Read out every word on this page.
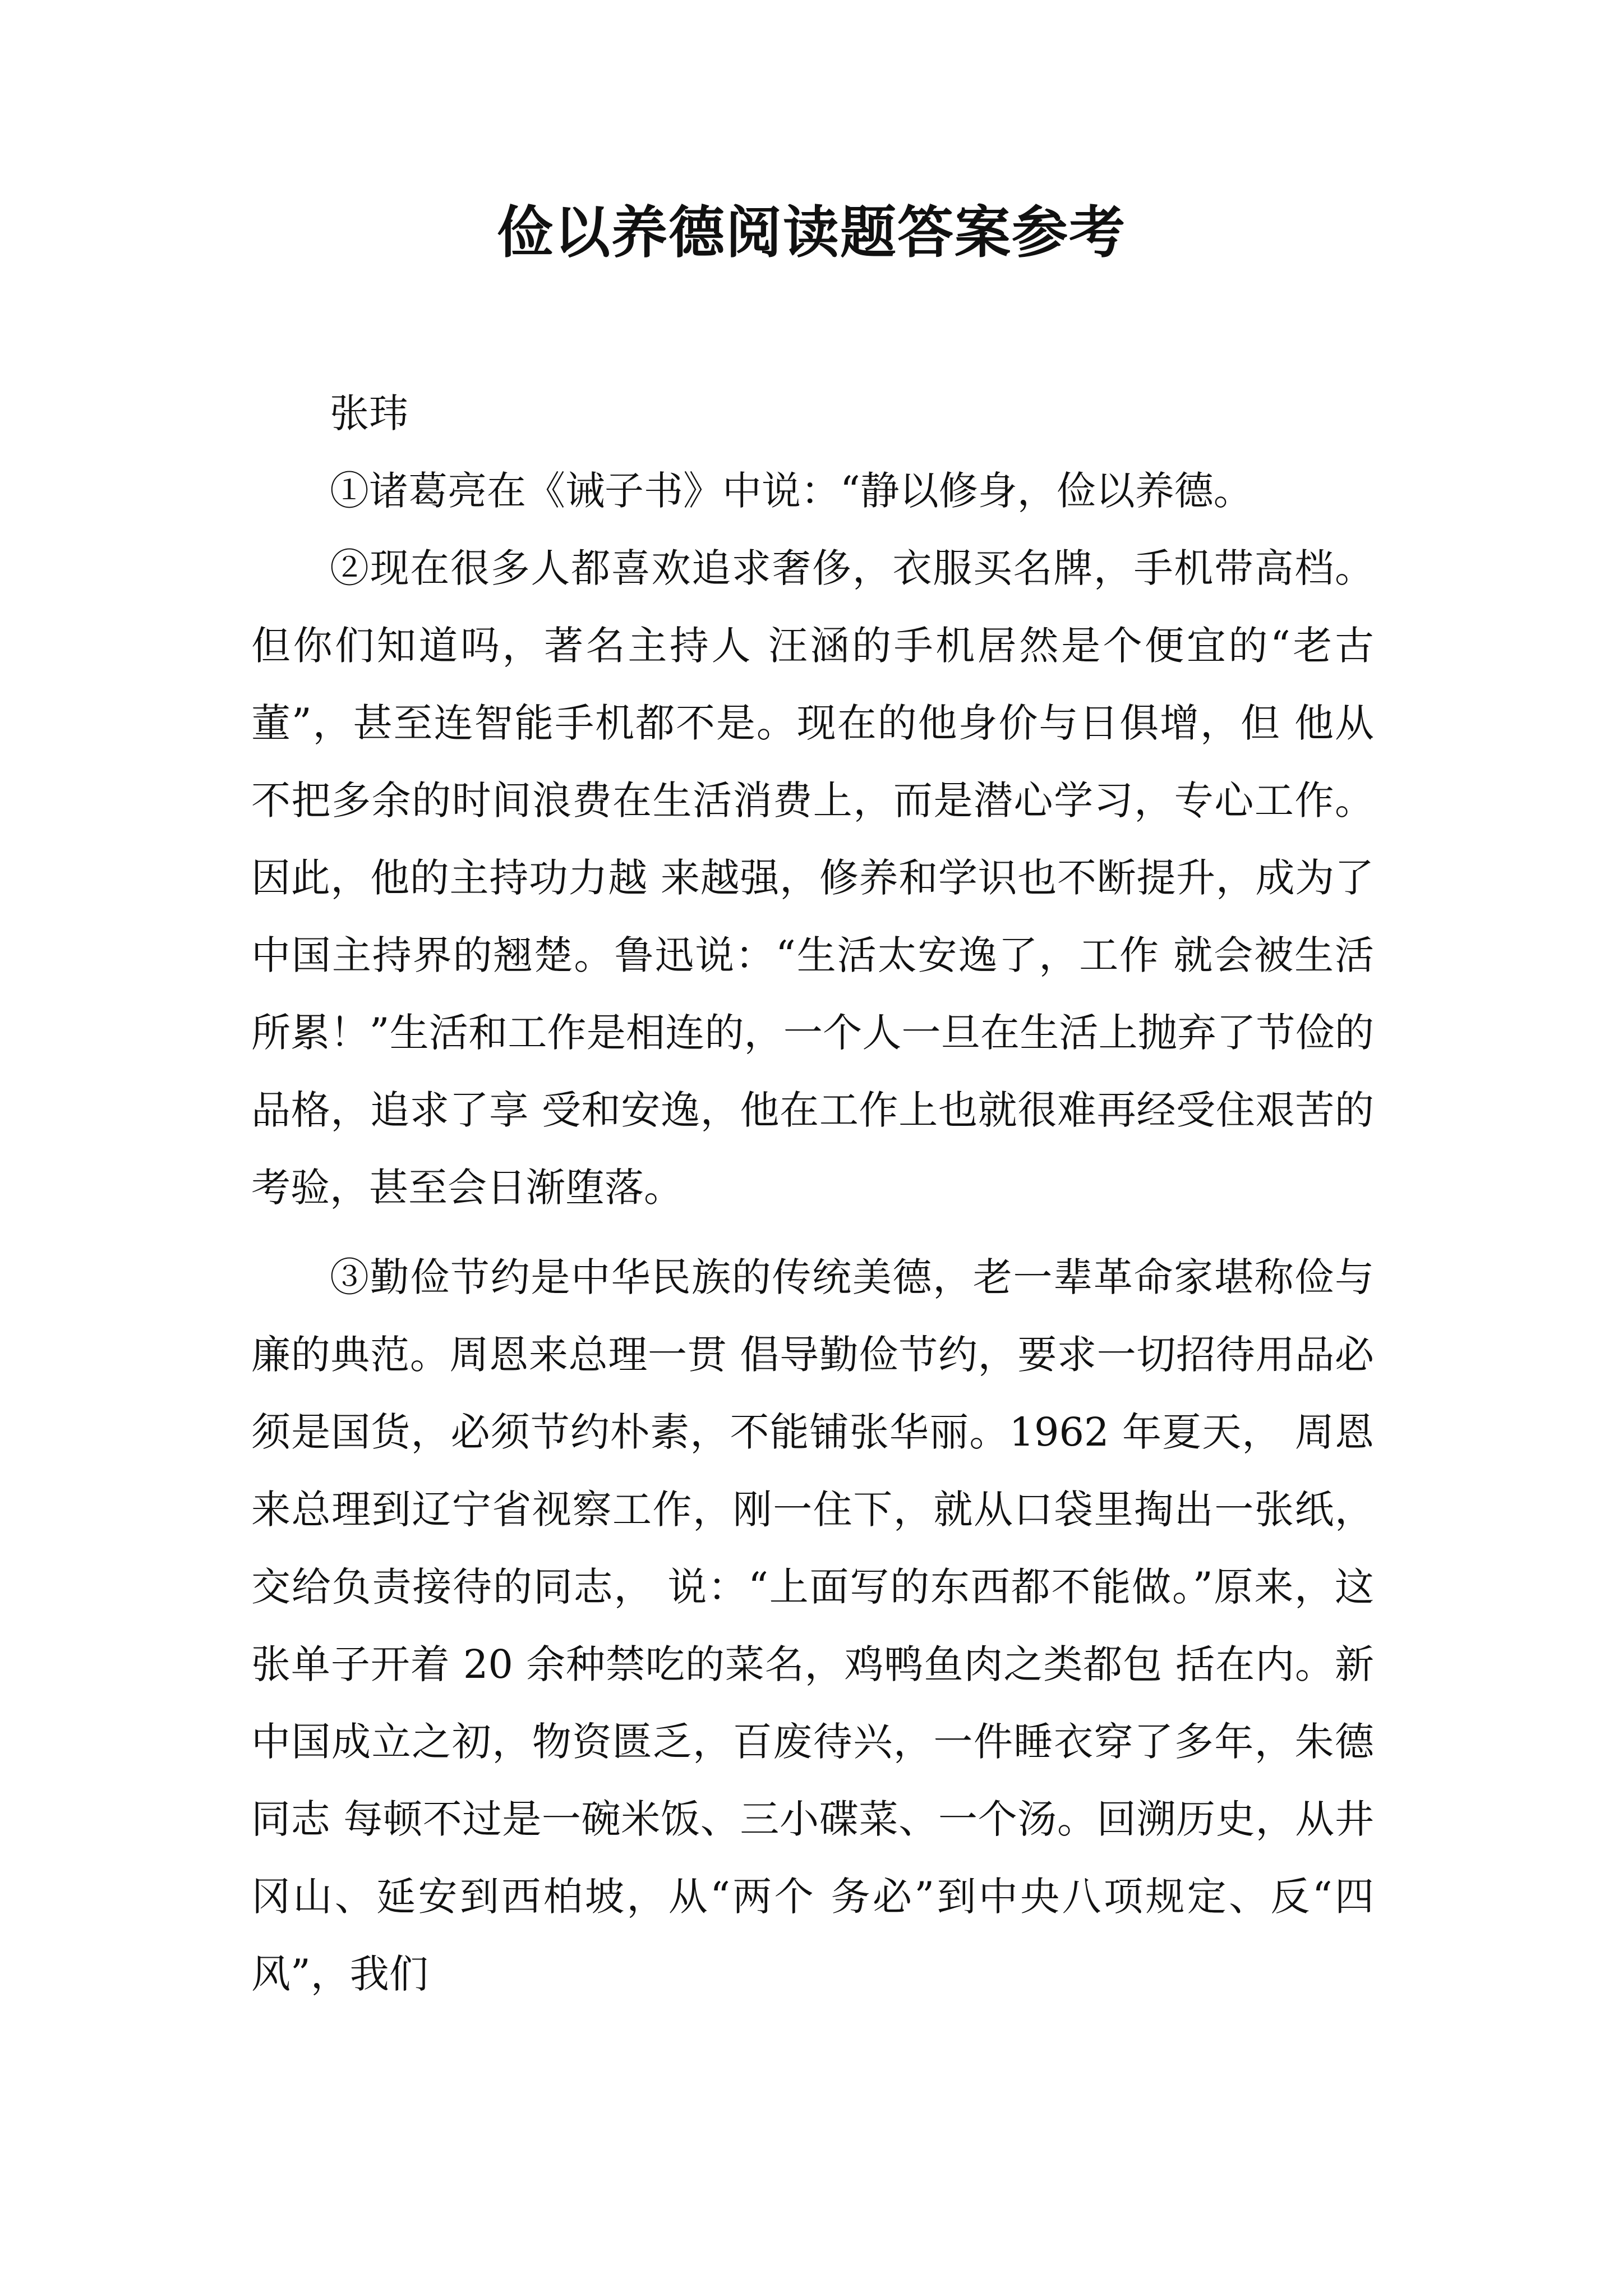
俭以养德阅读题答案参考

张玮

①诸葛亮在《诫子书》中说：“静以修身，俭以养德。

②现在很多人都喜欢追求奢侈，衣服买名牌，手机带高档。但你们知道吗，著名主持人 汪涵的手机居然是个便宜的“老古董”，甚至连智能手机都不是。现在的他身价与日俱增，但 他从不把多余的时间浪费在生活消费上，而是潜心学习，专心工作。因此，他的主持功力越 来越强，修养和学识也不断提升，成为了中国主持界的翘楚。鲁迅说：“生活太安逸了，工作 就会被生活所累！”生活和工作是相连的，一个人一旦在生活上抛弃了节俭的品格，追求了享 受和安逸，他在工作上也就很难再经受住艰苦的考验，甚至会日渐堕落。

③勤俭节约是中华民族的传统美德，老一辈革命家堪称俭与廉的典范。周恩来总理一贯 倡导勤俭节约，要求一切招待用品必须是国货，必须节约朴素，不能铺张华丽。1962 年夏天， 周恩来总理到辽宁省视察工作，刚一住下，就从口袋里掏出一张纸，交给负责接待的同志， 说：“上面写的东西都不能做。”原来，这张单子开着 20 余种禁吃的菜名，鸡鸭鱼肉之类都包 括在内。新中国成立之初，物资匮乏，百废待兴，一件睡衣穿了多年，朱德同志 每顿不过是一碗米饭、三小碟菜、一个汤。回溯历史，从井冈山、延安到西柏坡，从“两个 务必”到中央八项规定、反“四风”，我们
